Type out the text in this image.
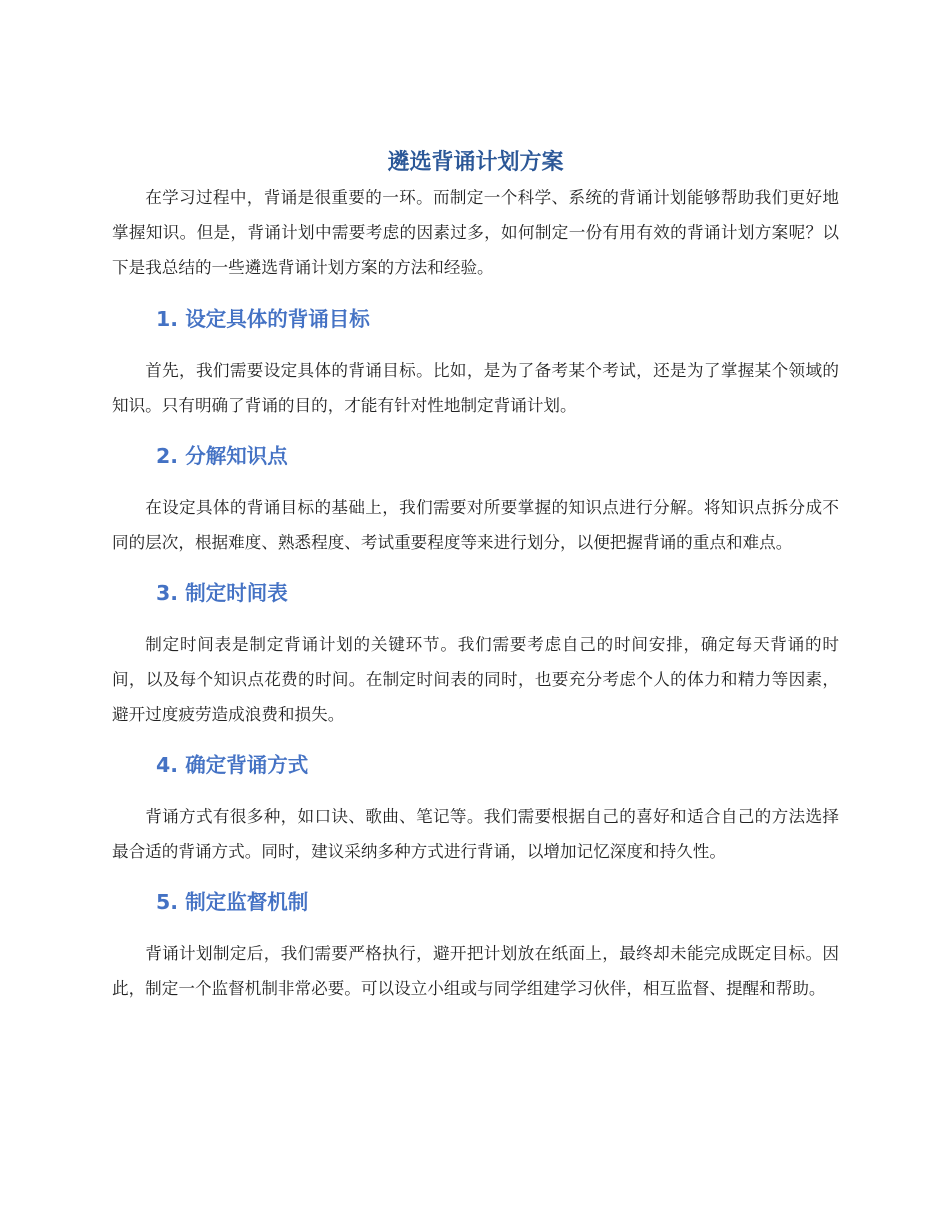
遴选背诵计划方案

在学习过程中，背诵是很重要的一环。而制定一个科学、系统的背诵计划能够帮助我们更好地掌握知识。但是，背诵计划中需要考虑的因素过多，如何制定一份有用有效的背诵计划方案呢？以下是我总结的一些遴选背诵计划方案的方法和经验。

1. 设定具体的背诵目标

首先，我们需要设定具体的背诵目标。比如，是为了备考某个考试，还是为了掌握某个领域的知识。只有明确了背诵的目的，才能有针对性地制定背诵计划。

2. 分解知识点

在设定具体的背诵目标的基础上，我们需要对所要掌握的知识点进行分解。将知识点拆分成不同的层次，根据难度、熟悉程度、考试重要程度等来进行划分，以便把握背诵的重点和难点。

3. 制定时间表

制定时间表是制定背诵计划的关键环节。我们需要考虑自己的时间安排，确定每天背诵的时间，以及每个知识点花费的时间。在制定时间表的同时，也要充分考虑个人的体力和精力等因素，避开过度疲劳造成浪费和损失。

4. 确定背诵方式

背诵方式有很多种，如口诀、歌曲、笔记等。我们需要根据自己的喜好和适合自己的方法选择最合适的背诵方式。同时，建议采纳多种方式进行背诵，以增加记忆深度和持久性。

5. 制定监督机制

背诵计划制定后，我们需要严格执行，避开把计划放在纸面上，最终却未能完成既定目标。因此，制定一个监督机制非常必要。可以设立小组或与同学组建学习伙伴，相互监督、提醒和帮助。
